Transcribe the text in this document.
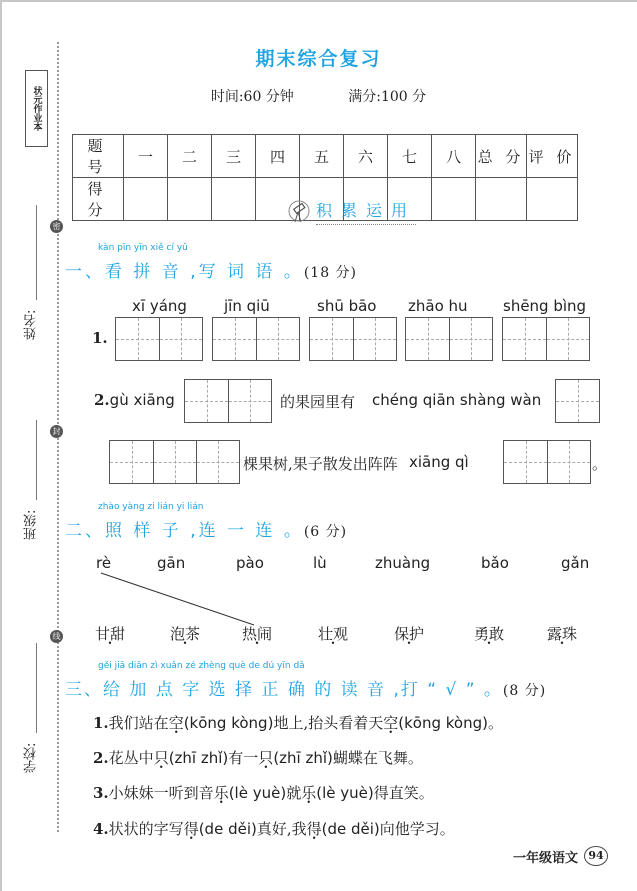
状元作业本
姓名:
密
班级:
封
学校:
线
期末综合复习
时间:60 分钟	满分:100 分
题 号	一	二	三	四	五	六	七	八	总 分	评 价
得 分											积累运用
kàn pīn yīn xiě cí yǔ
一、看 拼 音 ,写 词 语 。(18 分)
1.
xī yáng jīn qiū	shū bāo zhāo hu shēng bìng
2.gù xiāng	的果园里有 chéng qiān shàng wàn
棵果树,果子散发出阵阵 xiāng qì	。
zhào yàng zi lián yi lián
二、照 样 子 ,连 一 连 。(6 分)
rè	gān	pào	lù	zhuàng	bǎo	gǎn
甘甜	泡茶	热闹	壮观	保护	勇敢	露珠
gěi jiā diǎn zì xuǎn zé zhèng què de dú yīn dǎ
三、给 加 点 字 选 择 正 确 的 读 音 ,打 “ √ ” 。(8 分)
1.我们站在空(kōng kòng)地上,抬头看着天空(kōng kòng)。
2.花丛中只(zhī zhǐ)有一只(zhī zhǐ)蝴蝶在飞舞。
3.小妹妹一听到音乐(lè yuè)就乐(lè yuè)得直笑。
4.状状的字写得(de děi)真好,我得(de děi)向他学习。
一年级语文 94
